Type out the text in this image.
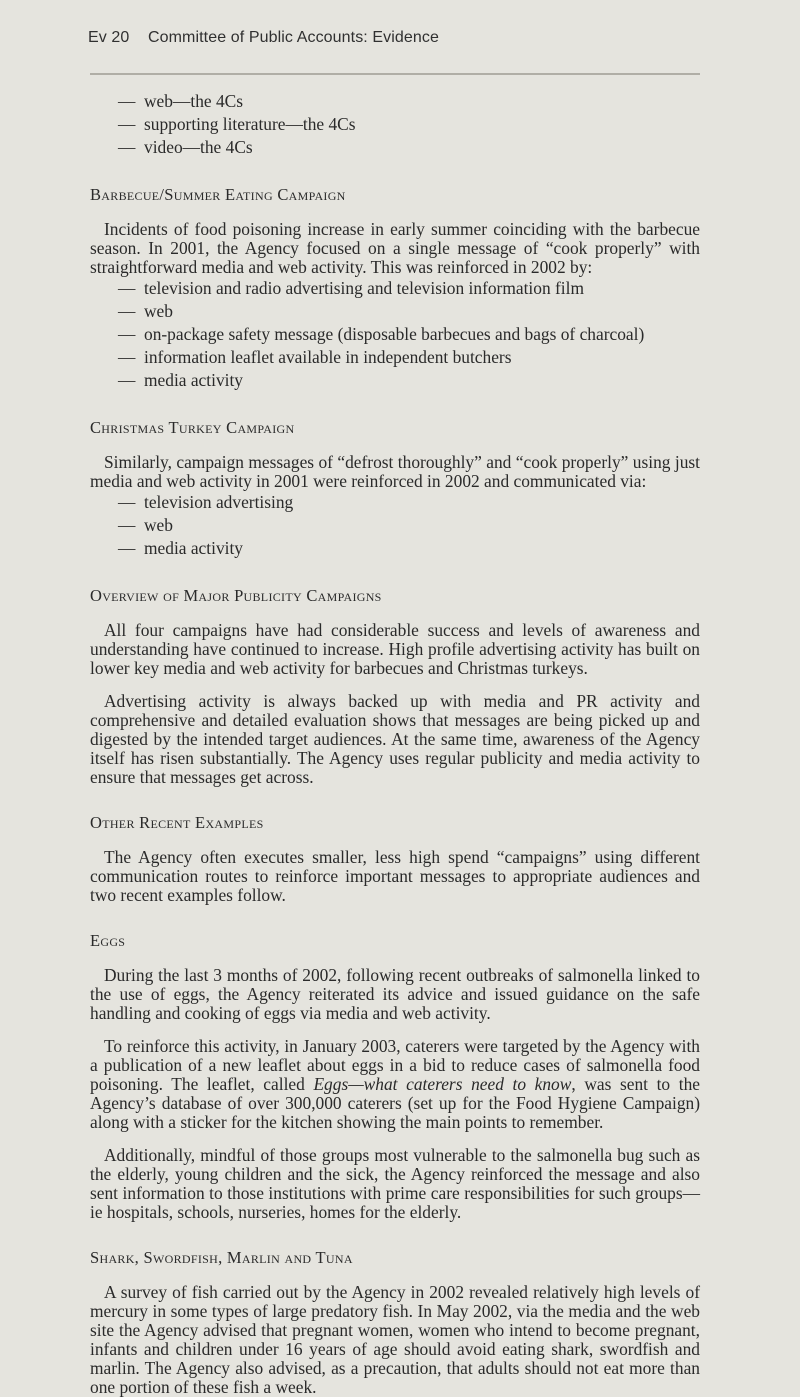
Ev 20 Committee of Public Accounts: Evidence
— web—the 4Cs
— supporting literature—the 4Cs
— video—the 4Cs
Barbecue/Summer Eating Campaign

Incidents of food poisoning increase in early summer coinciding with the barbecue season. In 2001, the Agency focused on a single message of “cook properly” with straightforward media and web activity. This was reinforced in 2002 by:

— television and radio advertising and television information film
— web
— on-package safety message (disposable barbecues and bags of charcoal)
— information leaflet available in independent butchers
— media activity
Christmas Turkey Campaign

Similarly, campaign messages of “defrost thoroughly” and “cook properly” using just media and web activity in 2001 were reinforced in 2002 and communicated via:

— television advertising
— web
— media activity
Overview of Major Publicity Campaigns

All four campaigns have had considerable success and levels of awareness and understanding have continued to increase. High profile advertising activity has built on lower key media and web activity for barbecues and Christmas turkeys.

Advertising activity is always backed up with media and PR activity and comprehensive and detailed evaluation shows that messages are being picked up and digested by the intended target audiences. At the same time, awareness of the Agency itself has risen substantially. The Agency uses regular publicity and media activity to ensure that messages get across.

Other Recent Examples

The Agency often executes smaller, less high spend “campaigns” using different communication routes to reinforce important messages to appropriate audiences and two recent examples follow.

Eggs

During the last 3 months of 2002, following recent outbreaks of salmonella linked to the use of eggs, the Agency reiterated its advice and issued guidance on the safe handling and cooking of eggs via media and web activity.

To reinforce this activity, in January 2003, caterers were targeted by the Agency with a publication of a new leaflet about eggs in a bid to reduce cases of salmonella food poisoning. The leaflet, called Eggs—what caterers need to know, was sent to the Agency’s database of over 300,000 caterers (set up for the Food Hygiene Campaign) along with a sticker for the kitchen showing the main points to remember.

Additionally, mindful of those groups most vulnerable to the salmonella bug such as the elderly, young children and the sick, the Agency reinforced the message and also sent information to those institutions with prime care responsibilities for such groups—ie hospitals, schools, nurseries, homes for the elderly.

Shark, Swordfish, Marlin and Tuna

A survey of fish carried out by the Agency in 2002 revealed relatively high levels of mercury in some types of large predatory fish. In May 2002, via the media and the web site the Agency advised that pregnant women, women who intend to become pregnant, infants and children under 16 years of age should avoid eating shark, swordfish and marlin. The Agency also advised, as a precaution, that adults should not eat more than one portion of these fish a week.
